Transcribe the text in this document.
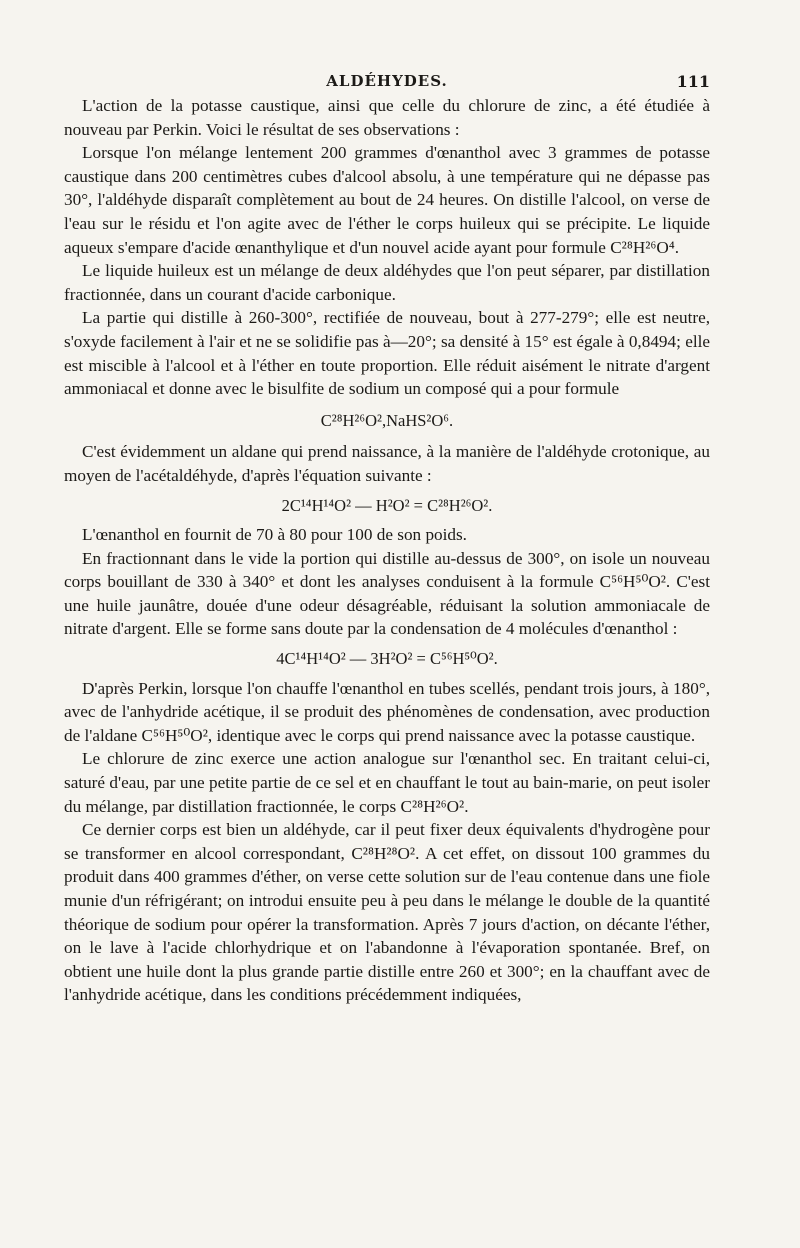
ALDÉHYDES.	111

L'action de la potasse caustique, ainsi que celle du chlorure de zinc, a été étudiée à nouveau par Perkin. Voici le résultat de ses observations :

Lorsque l'on mélange lentement 200 grammes d'œnanthol avec 3 grammes de potasse caustique dans 200 centimètres cubes d'alcool absolu, à une température qui ne dépasse pas 30°, l'aldéhyde disparaît complètement au bout de 24 heures. On distille l'alcool, on verse de l'eau sur le résidu et l'on agite avec de l'éther le corps huileux qui se précipite. Le liquide aqueux s'empare d'acide œnanthylique et d'un nouvel acide ayant pour formule C²⁸H²⁶O⁴.

Le liquide huileux est un mélange de deux aldéhydes que l'on peut séparer, par distillation fractionnée, dans un courant d'acide carbonique.

La partie qui distille à 260-300°, rectifiée de nouveau, bout à 277-279°; elle est neutre, s'oxyde facilement à l'air et ne se solidifie pas à—20°; sa densité à 15° est égale à 0,8494; elle est miscible à l'alcool et à l'éther en toute proportion. Elle réduit aisément le nitrate d'argent ammoniacal et donne avec le bisulfite de sodium un composé qui a pour formule

C²⁸H²⁶O²,NaHS²O⁶.

C'est évidemment un aldane qui prend naissance, à la manière de l'aldéhyde crotonique, au moyen de l'acétaldéhyde, d'après l'équation suivante :

2C¹⁴H¹⁴O² — H²O² = C²⁸H²⁶O².

L'œnanthol en fournit de 70 à 80 pour 100 de son poids.

En fractionnant dans le vide la portion qui distille au-dessus de 300°, on isole un nouveau corps bouillant de 330 à 340° et dont les analyses conduisent à la formule C⁵⁶H⁵⁰O². C'est une huile jaunâtre, douée d'une odeur désagréable, réduisant la solution ammoniacale de nitrate d'argent. Elle se forme sans doute par la condensation de 4 molécules d'œnanthol :

4C¹⁴H¹⁴O² — 3H²O² = C⁵⁶H⁵⁰O².

D'après Perkin, lorsque l'on chauffe l'œnanthol en tubes scellés, pendant trois jours, à 180°, avec de l'anhydride acétique, il se produit des phénomènes de condensation, avec production de l'aldane C⁵⁶H⁵⁰O², identique avec le corps qui prend naissance avec la potasse caustique.

Le chlorure de zinc exerce une action analogue sur l'œnanthol sec. En traitant celui-ci, saturé d'eau, par une petite partie de ce sel et en chauffant le tout au bain-marie, on peut isoler du mélange, par distillation fractionnée, le corps C²⁸H²⁶O².

Ce dernier corps est bien un aldéhyde, car il peut fixer deux équivalents d'hydrogène pour se transformer en alcool correspondant, C²⁸H²⁸O². A cet effet, on dissout 100 grammes du produit dans 400 grammes d'éther, on verse cette solution sur de l'eau contenue dans une fiole munie d'un réfrigérant; on introdui ensuite peu à peu dans le mélange le double de la quantité théorique de sodium pour opérer la transformation. Après 7 jours d'action, on décante l'éther, on le lave à l'acide chlorhydrique et on l'abandonne à l'évaporation spontanée. Bref, on obtient une huile dont la plus grande partie distille entre 260 et 300°; en la chauffant avec de l'anhydride acétique, dans les conditions précédemment indiquées,
